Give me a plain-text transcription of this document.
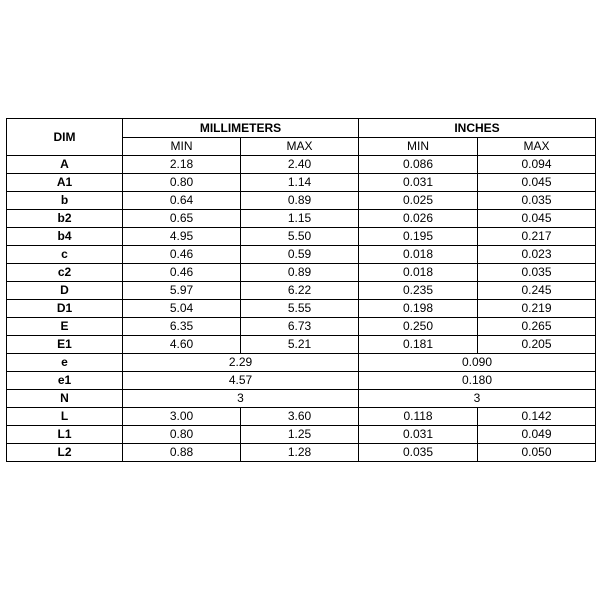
DIM	MILLIMETERS		INCHES	
	MIN	MAX	MIN	MAX
A	2.18	2.40	0.086	0.094
A1	0.80	1.14	0.031	0.045
b	0.64	0.89	0.025	0.035
b2	0.65	1.15	0.026	0.045
b4	4.95	5.50	0.195	0.217
c	0.46	0.59	0.018	0.023
c2	0.46	0.89	0.018	0.035
D	5.97	6.22	0.235	0.245
D1	5.04	5.55	0.198	0.219
E	6.35	6.73	0.250	0.265
E1	4.60	5.21	0.181	0.205
e	2.29		0.090	
e1	4.57		0.180	
N	3		3	
L	3.00	3.60	0.118	0.142
L1	0.80	1.25	0.031	0.049
L2	0.88	1.28	0.035	0.050
